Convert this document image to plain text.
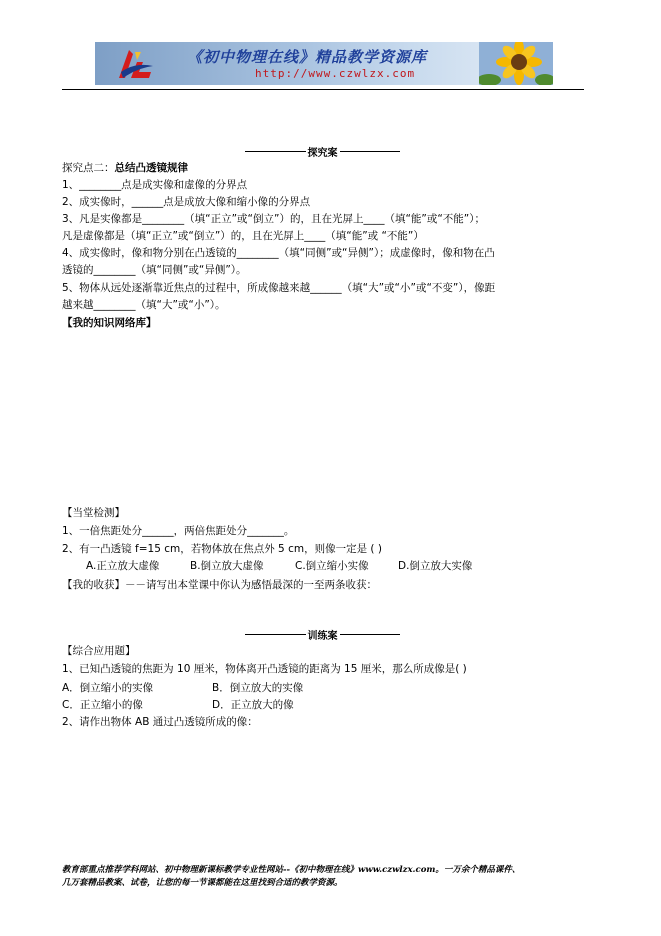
《初中物理在线》精品教学资源库
http://www.czwlzx.com
探究案
探究点二：总结凸透镜规律
1、________点是成实像和虚像的分界点
2、成实像时，______点是成放大像和缩小像的分界点
3、凡是实像都是________（填“正立”或“倒立”）的，且在光屏上____（填“能”或“不能”）；
凡是虚像都是（填“正立”或“倒立”）的，且在光屏上____（填“能”或 “不能”）
4、成实像时，像和物分别在凸透镜的________（填“同侧”或“异侧”）；成虚像时，像和物在凸
透镜的________（填“同侧”或“异侧”）。
5、物体从远处逐渐靠近焦点的过程中，所成像越来越______（填“大”或“小”或“不变”），像距
越来越________（填“大”或“小”）。
【我的知识网络库】
【当堂检测】
1、一倍焦距处分______，两倍焦距处分_______。
2、有一凸透镜 f=15 cm，若物体放在焦点外 5 cm，则像一定是 ( )
A.正立放大虚像	B.倒立放大虚像	C.倒立缩小实像	D.倒立放大实像
【我的收获】－－请写出本堂课中你认为感悟最深的一至两条收获：
训练案
【综合应用题】
1、已知凸透镜的焦距为 10 厘米，物体离开凸透镜的距离为 15 厘米，那么所成像是( )
A．倒立缩小的实像	B．倒立放大的实像
C．正立缩小的像	D．正立放大的像
2、请作出物体 AB 通过凸透镜所成的像：
教育部重点推荐学科网站、初中物理新课标教学专业性网站--《初中物理在线》www.czwlzx.com。一万余个精品课件、
几万套精品教案、试卷，让您的每一节课都能在这里找到合适的教学资源。
